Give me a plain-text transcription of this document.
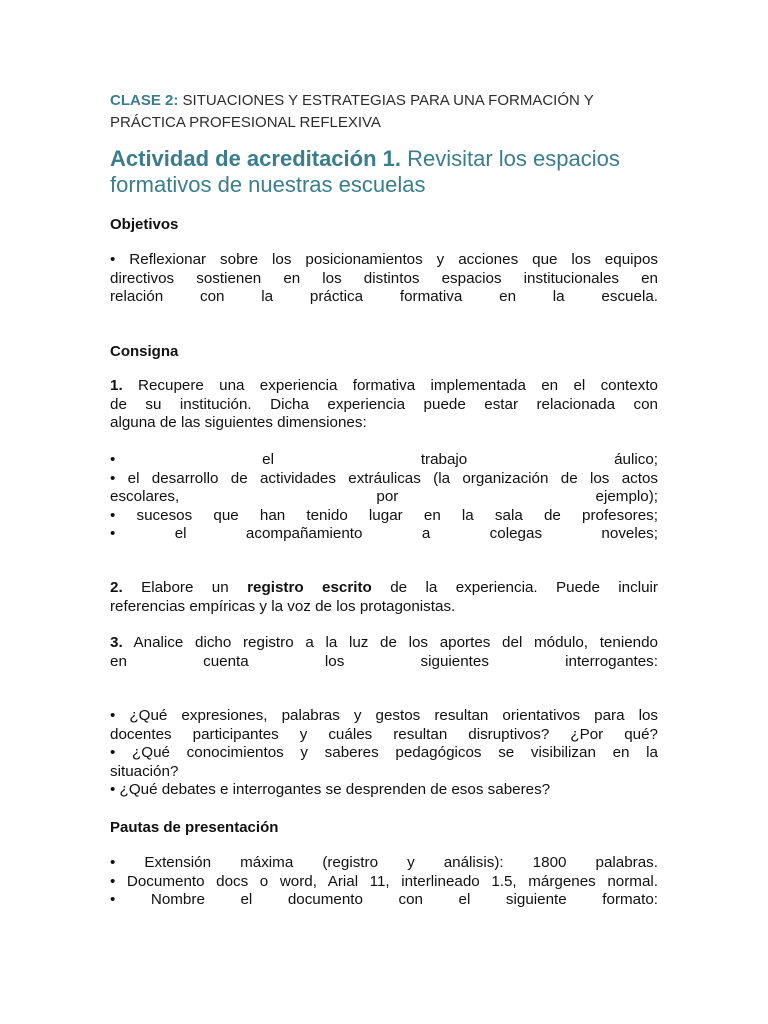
CLASE 2: SITUACIONES Y ESTRATEGIAS PARA UNA FORMACIÓN Y
PRÁCTICA PROFESIONAL REFLEXIVA
Actividad de acreditación 1. Revisitar los espacios
formativos de nuestras escuelas
Objetivos
• Reflexionar sobre los posicionamientos y acciones que los equipos
directivos sostienen en los distintos espacios institucionales en
relación con la práctica formativa en la escuela.
Consigna
1. Recupere una experiencia formativa implementada en el contexto
de su institución. Dicha experiencia puede estar relacionada con
alguna de las siguientes dimensiones:
• el trabajo áulico;
• el desarrollo de actividades extráulicas (la organización de los actos
escolares, por ejemplo);
• sucesos que han tenido lugar en la sala de profesores;
• el acompañamiento a colegas noveles;
2. Elabore un registro escrito de la experiencia. Puede incluir
referencias empíricas y la voz de los protagonistas.
3. Analice dicho registro a la luz de los aportes del módulo, teniendo
en cuenta los siguientes interrogantes:
• ¿Qué expresiones, palabras y gestos resultan orientativos para los
docentes participantes y cuáles resultan disruptivos? ¿Por qué?
• ¿Qué conocimientos y saberes pedagógicos se visibilizan en la
situación?
• ¿Qué debates e interrogantes se desprenden de esos saberes?
Pautas de presentación
• Extensión máxima (registro y análisis): 1800 palabras.
• Documento docs o word, Arial 11, interlineado 1.5, márgenes normal.
• Nombre el documento con el siguiente formato:
